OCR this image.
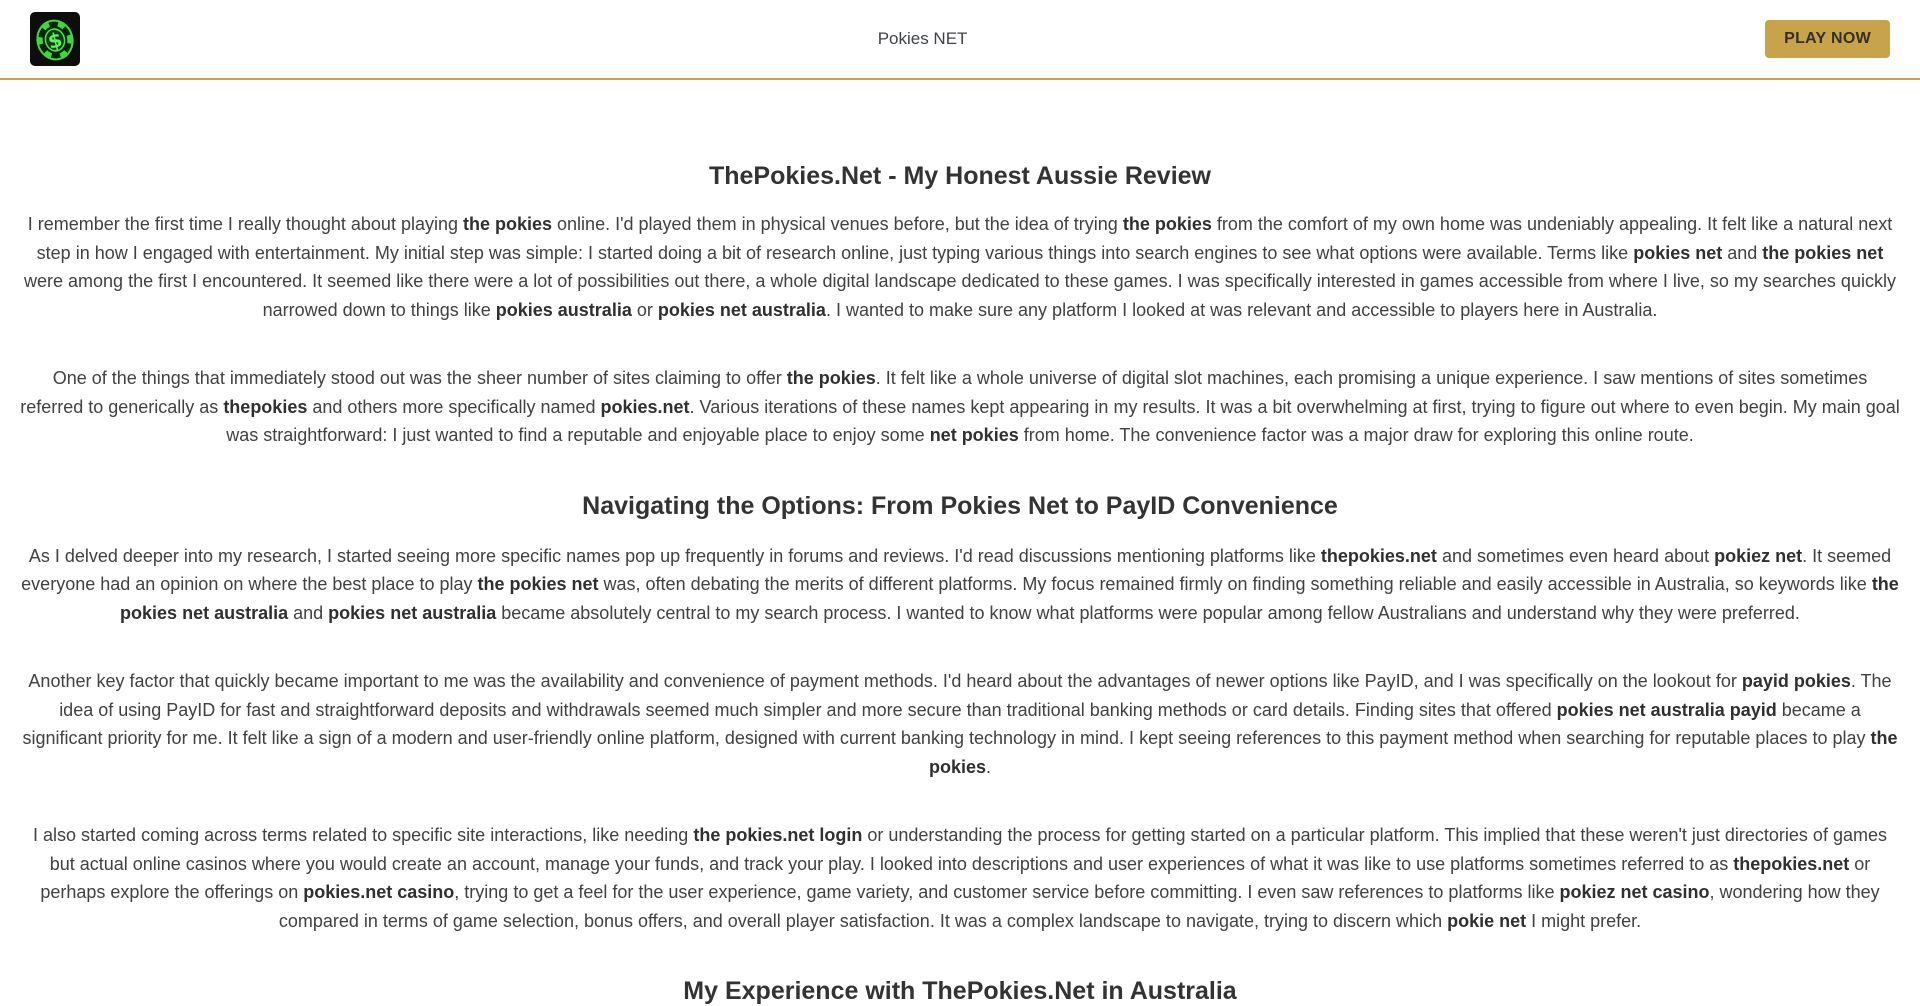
$	Pokies NET	PLAY NOW
ThePokies.Net - My Honest Aussie Review

I remember the first time I really thought about playing the pokies online. I'd played them in physical venues before, but the idea of trying the pokies from the comfort of my own home was undeniably appealing. It felt like a natural next step in how I engaged with entertainment. My initial step was simple: I started doing a bit of research online, just typing various things into search engines to see what options were available. Terms like pokies net and the pokies net were among the first I encountered. It seemed like there were a lot of possibilities out there, a whole digital landscape dedicated to these games. I was specifically interested in games accessible from where I live, so my searches quickly narrowed down to things like pokies australia or pokies net australia. I wanted to make sure any platform I looked at was relevant and accessible to players here in Australia.

One of the things that immediately stood out was the sheer number of sites claiming to offer the pokies. It felt like a whole universe of digital slot machines, each promising a unique experience. I saw mentions of sites sometimes referred to generically as thepokies and others more specifically named pokies.net. Various iterations of these names kept appearing in my results. It was a bit overwhelming at first, trying to figure out where to even begin. My main goal was straightforward: I just wanted to find a reputable and enjoyable place to enjoy some net pokies from home. The convenience factor was a major draw for exploring this online route.

Navigating the Options: From Pokies Net to PayID Convenience

As I delved deeper into my research, I started seeing more specific names pop up frequently in forums and reviews. I'd read discussions mentioning platforms like thepokies.net and sometimes even heard about pokiez net. It seemed everyone had an opinion on where the best place to play the pokies net was, often debating the merits of different platforms. My focus remained firmly on finding something reliable and easily accessible in Australia, so keywords like the pokies net australia and pokies net australia became absolutely central to my search process. I wanted to know what platforms were popular among fellow Australians and understand why they were preferred.

Another key factor that quickly became important to me was the availability and convenience of payment methods. I'd heard about the advantages of newer options like PayID, and I was specifically on the lookout for payid pokies. The idea of using PayID for fast and straightforward deposits and withdrawals seemed much simpler and more secure than traditional banking methods or card details. Finding sites that offered pokies net australia payid became a significant priority for me. It felt like a sign of a modern and user-friendly online platform, designed with current banking technology in mind. I kept seeing references to this payment method when searching for reputable places to play the pokies.

I also started coming across terms related to specific site interactions, like needing the pokies.net login or understanding the process for getting started on a particular platform. This implied that these weren't just directories of games but actual online casinos where you would create an account, manage your funds, and track your play. I looked into descriptions and user experiences of what it was like to use platforms sometimes referred to as thepokies.net or perhaps explore the offerings on pokies.net casino, trying to get a feel for the user experience, game variety, and customer service before committing. I even saw references to platforms like pokiez net casino, wondering how they compared in terms of game selection, bonus offers, and overall player satisfaction. It was a complex landscape to navigate, trying to discern which pokie net I might prefer.

My Experience with ThePokies.Net in Australia
